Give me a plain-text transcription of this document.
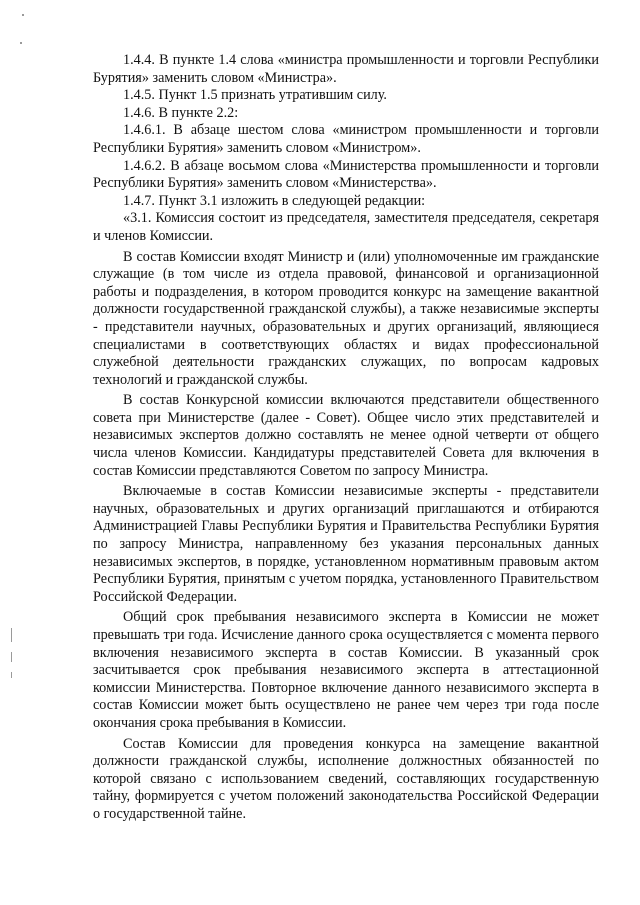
1.4.4. В пункте 1.4 слова «министра промышленности и торговли Республики Бурятия» заменить словом «Министра».

1.4.5. Пункт 1.5 признать утратившим силу.

1.4.6. В пункте 2.2:

1.4.6.1. В абзаце шестом слова «министром промышленности и торговли Республики Бурятия» заменить словом «Министром».

1.4.6.2. В абзаце восьмом слова «Министерства промышленности и торговли Республики Бурятия» заменить словом «Министерства».

1.4.7. Пункт 3.1 изложить в следующей редакции:

«3.1. Комиссия состоит из председателя, заместителя председателя, секретаря и членов Комиссии.

В состав Комиссии входят Министр и (или) уполномоченные им гражданские служащие (в том числе из отдела правовой, финансовой и организационной работы и подразделения, в котором проводится конкурс на замещение вакантной должности государственной гражданской службы), а также независимые эксперты - представители научных, образовательных и других организаций, являющиеся специалистами в соответствующих областях и видах профессиональной служебной деятельности гражданских служащих, по вопросам кадровых технологий и гражданской службы.

В состав Конкурсной комиссии включаются представители общественного совета при Министерстве (далее - Совет). Общее число этих представителей и независимых экспертов должно составлять не менее одной четверти от общего числа членов Комиссии. Кандидатуры представителей Совета для включения в состав Комиссии представляются Советом по запросу Министра.

Включаемые в состав Комиссии независимые эксперты - представители научных, образовательных и других организаций приглашаются и отбираются Администрацией Главы Республики Бурятия и Правительства Республики Бурятия по запросу Министра, направленному без указания персональных данных независимых экспертов, в порядке, установленном нормативным правовым актом Республики Бурятия, принятым с учетом порядка, установленного Правительством Российской Федерации.

Общий срок пребывания независимого эксперта в Комиссии не может превышать три года. Исчисление данного срока осуществляется с момента первого включения независимого эксперта в состав Комиссии. В указанный срок засчитывается срок пребывания независимого эксперта в аттестационной комиссии Министерства. Повторное включение данного независимого эксперта в состав Комиссии может быть осуществлено не ранее чем через три года после окончания срока пребывания в Комиссии.

Состав Комиссии для проведения конкурса на замещение вакантной должности гражданской службы, исполнение должностных обязанностей по которой связано с использованием сведений, составляющих государственную тайну, формируется с учетом положений законодательства Российской Федерации о государственной тайне.
